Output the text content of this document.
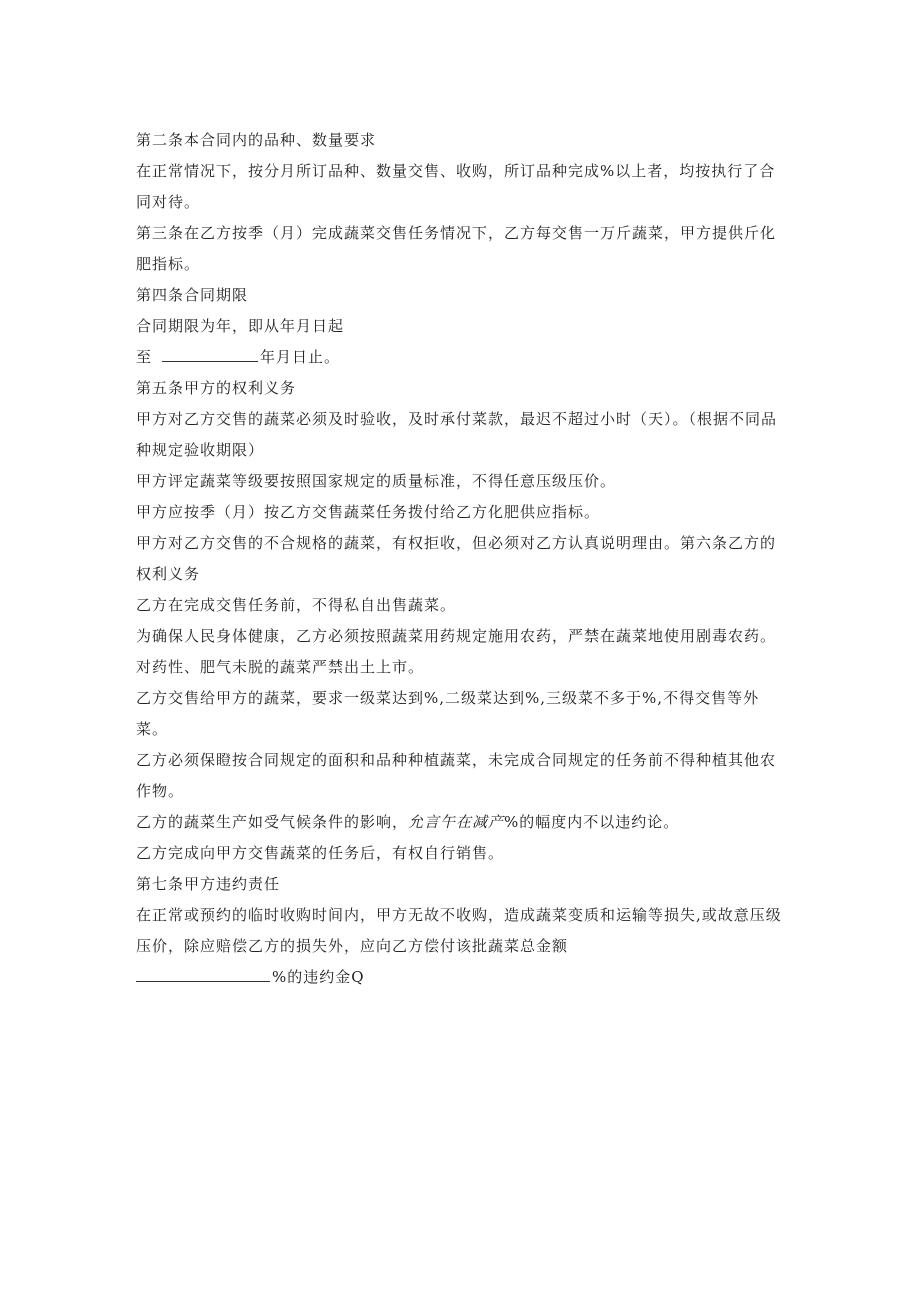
第二条本合同内的品种、数量要求

在正常情况下，按分月所订品种、数量交售、收购，所订品种完成%以上者，均按执行了合同对待。

第三条在乙方按季（月）完成蔬菜交售任务情况下，乙方每交售一万斤蔬菜，甲方提供斤化肥指标。

第四条合同期限

合同期限为年，即从年月日起

至	年月日止。

第五条甲方的权利义务

甲方对乙方交售的蔬菜必须及时验收，及时承付菜款，最迟不超过小时（天）。（根据不同品种规定验收期限）

甲方评定蔬菜等级要按照国家规定的质量标准，不得任意压级压价。

甲方应按季（月）按乙方交售蔬菜任务拨付给乙方化肥供应指标。

甲方对乙方交售的不合规格的蔬菜，有权拒收，但必须对乙方认真说明理由。第六条乙方的权利义务

乙方在完成交售任务前，不得私自出售蔬菜。

为确保人民身体健康，乙方必须按照蔬菜用药规定施用农药，严禁在蔬菜地使用剧毒农药。对药性、肥气未脱的蔬菜严禁出土上市。

乙方交售给甲方的蔬菜，要求一级菜达到%,二级菜达到%,三级菜不多于%,不得交售等外菜。

乙方必须保瞪按合同规定的面积和品种种植蔬菜，未完成合同规定的任务前不得种植其他农作物。

乙方的蔬菜生产如受气候条件的影响，允言午在减产%的幅度内不以违约论。

乙方完成向甲方交售蔬菜的任务后，有权自行销售。

第七条甲方违约责任

在正常或预约的临时收购时间内，甲方无故不收购，造成蔬菜变质和运输等损失,或故意压级压价，除应赔偿乙方的损失外，应向乙方偿付该批蔬菜总金额

%的违约金Q
